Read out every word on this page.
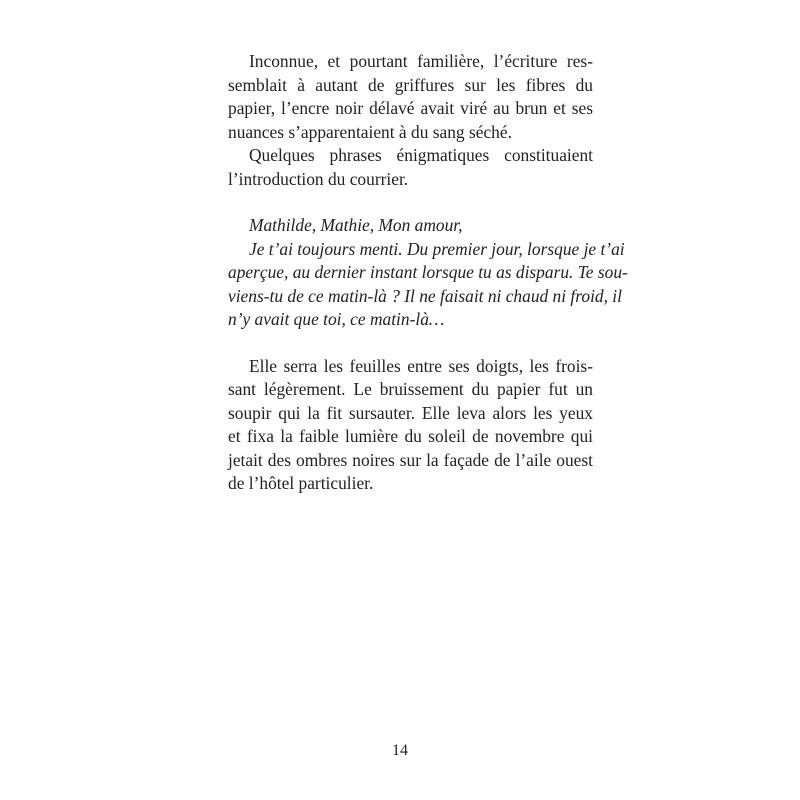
Inconnue, et pourtant familière, l’écriture res-
semblait à autant de griffures sur les fibres du
papier, l’encre noir délavé avait viré au brun et ses
nuances s’apparentaient à du sang séché.

Quelques phrases énigmatiques constituaient
l’introduction du courrier.

Mathilde, Mathie, Mon amour,

Je t’ai toujours menti. Du premier jour, lorsque je t’ai
aperçue, au dernier instant lorsque tu as disparu. Te sou-
viens-tu de ce matin-là ? Il ne faisait ni chaud ni froid, il
n’y avait que toi, ce matin-là…

Elle serra les feuilles entre ses doigts, les frois-
sant légèrement. Le bruissement du papier fut un
soupir qui la fit sursauter. Elle leva alors les yeux
et fixa la faible lumière du soleil de novembre qui
jetait des ombres noires sur la façade de l’aile ouest
de l’hôtel particulier.

14
